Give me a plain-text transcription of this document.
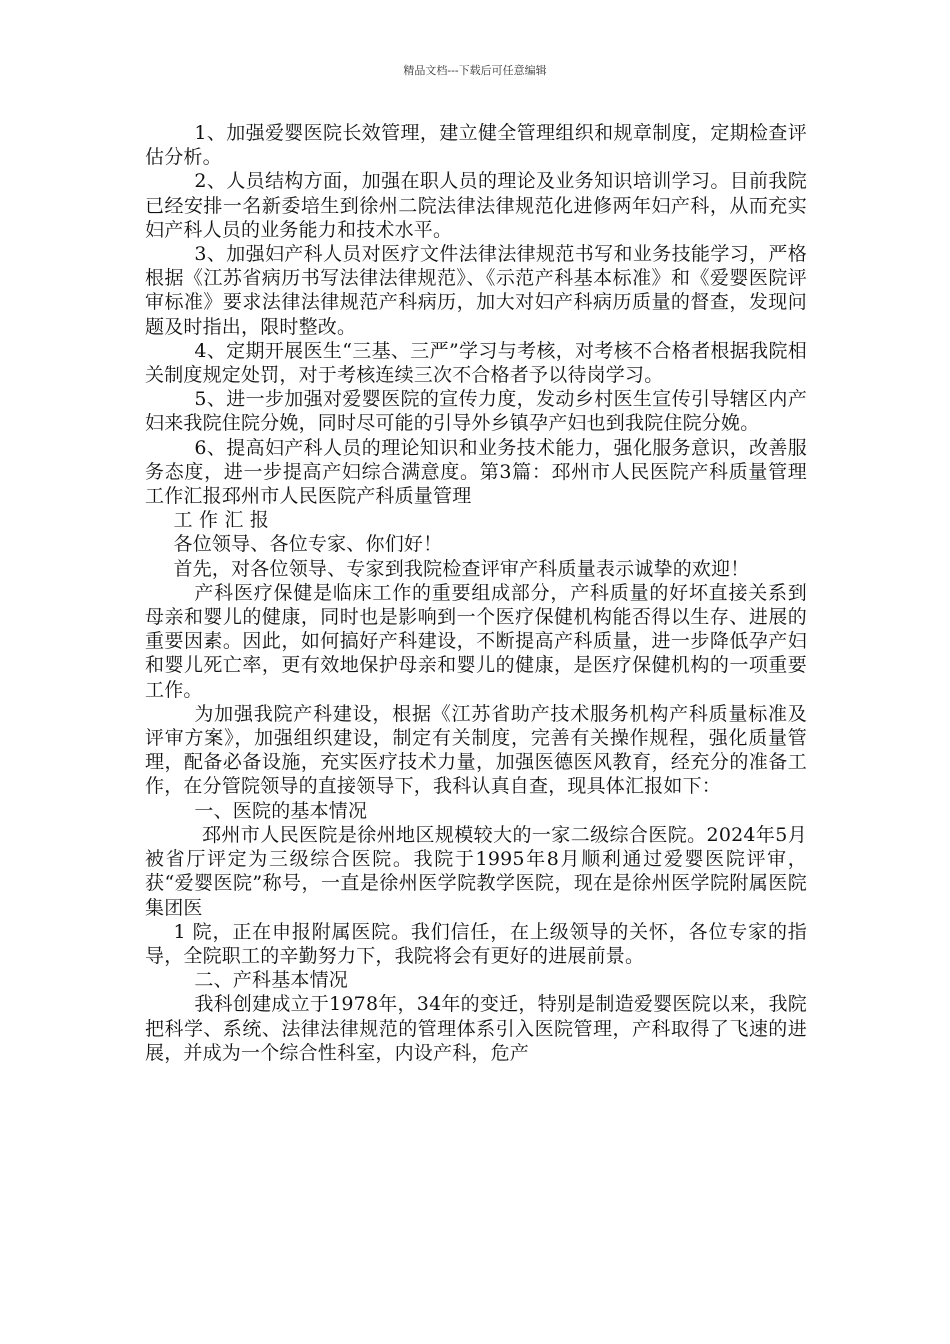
精品文档---下载后可任意编辑

1、加强爱婴医院长效管理，建立健全管理组织和规章制度，定期检查评估分析。

2、人员结构方面，加强在职人员的理论及业务知识培训学习。目前我院已经安排一名新委培生到徐州二院法律法律规范化进修两年妇产科，从而充实妇产科人员的业务能力和技术水平。

3、加强妇产科人员对医疗文件法律法律规范书写和业务技能学习，严格根据《江苏省病历书写法律法律规范》、《示范产科基本标准》和《爱婴医院评审标准》要求法律法律规范产科病历，加大对妇产科病历质量的督查，发现问题及时指出，限时整改。

4、定期开展医生“三基、三严”学习与考核，对考核不合格者根据我院相关制度规定处罚，对于考核连续三次不合格者予以待岗学习。

5、进一步加强对爱婴医院的宣传力度，发动乡村医生宣传引导辖区内产妇来我院住院分娩，同时尽可能的引导外乡镇孕产妇也到我院住院分娩。

6、提高妇产科人员的理论知识和业务技术能力，强化服务意识，改善服务态度，进一步提高产妇综合满意度。第3篇：邳州市人民医院产科质量管理工作汇报邳州市人民医院产科质量管理

工 作 汇 报

各位领导、各位专家、你们好！

首先，对各位领导、专家到我院检查评审产科质量表示诚挚的欢迎！

产科医疗保健是临床工作的重要组成部分，产科质量的好坏直接关系到母亲和婴儿的健康，同时也是影响到一个医疗保健机构能否得以生存、进展的重要因素。因此，如何搞好产科建设，不断提高产科质量，进一步降低孕产妇和婴儿死亡率，更有效地保护母亲和婴儿的健康，是医疗保健机构的一项重要工作。

为加强我院产科建设，根据《江苏省助产技术服务机构产科质量标准及评审方案》，加强组织建设，制定有关制度，完善有关操作规程，强化质量管理，配备必备设施，充实医疗技术力量，加强医德医风教育，经充分的准备工作，在分管院领导的直接领导下，我科认真自查，现具体汇报如下：

一、医院的基本情况

邳州市人民医院是徐州地区规模较大的一家二级综合医院。2024年5月被省厅评定为三级综合医院。我院于1995年8月顺利通过爱婴医院评审，获“爱婴医院”称号，一直是徐州医学院教学医院，现在是徐州医学院附属医院集团医

1 院，正在申报附属医院。我们信任，在上级领导的关怀，各位专家的指导，全院职工的辛勤努力下，我院将会有更好的进展前景。

二、产科基本情况

我科创建成立于1978年，34年的变迁，特别是制造爱婴医院以来，我院把科学、系统、法律法律规范的管理体系引入医院管理，产科取得了飞速的进展，并成为一个综合性科室，内设产科，危产
